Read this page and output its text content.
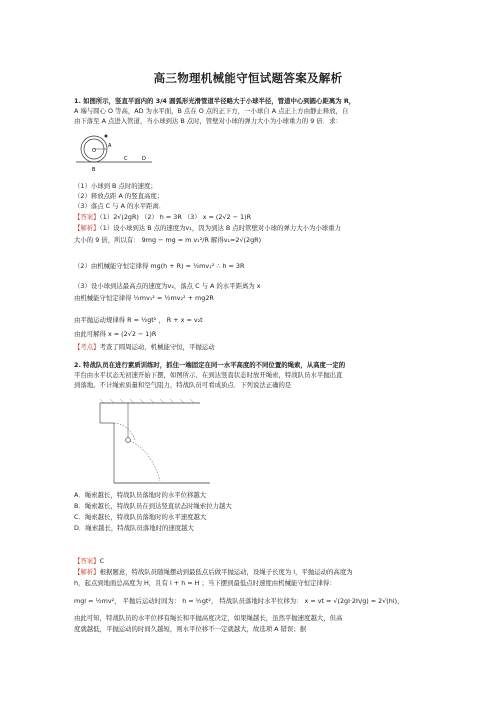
高三物理机械能守恒试题答案及解析
1. 如图所示，竖直平面内的 3/4 圆弧形光滑管道半径略大于小球半径，管道中心到圆心距离为 R，
A 端与圆心 O 等高，AD 为水平面，B 点在 O 点的正下方，一小球自 A 点正上方由静止释放，自
由下落至 A 点进入管道，当小球到达 B 点时，管壁对小球的弹力大小为小球重力的 9 倍．求：
O
A
B
C	D
（1）小球到 B 点时的速度；
（2）释放点距 A 的竖直高度；
（3）落点 C 与 A 的水平距离．
【答案】（1）2√(2gR) （2） h = 3R （3） x = (2√2 − 1)R
【解析】（1）设小球到达 B 点的速度为v₁，因为到达 B 点时管壁对小球的弹力大小为小球重力
大小的 9 倍，所以有： 9mg − mg = m v₁²/R 解得v₁=2√(2gR)
（2）由机械能守恒定律得 mg(h + R) = ½mv₁² ∴ h = 3R
（3）设小球到达最高点的速度为v₂，落点 C 与 A 的水平距离为 x
由机械能守恒定律得 ½mv₁² = ½mv₂² + mg2R
由平抛运动规律得 R = ½gt² ， R + x = v₂t
由此可解得 x = (2√2 − 1)R
【考点】考查了圆周运动，机械能守恒，平抛运动
2. 特战队员在进行素质训练时，抓住一端固定在同一水平高度的不同位置的绳索，从高度一定的
平台由水平状态无初速开始下摆，如图所示，在到达竖直状态时放开绳索，特战队员水平抛出直
到落地。不计绳索质量和空气阻力，特战队员可看成质点．下列说法正确的是
A．绳索越长，特战队员落地时的水平位移越大
B．绳索越长，特战队员在到达竖直状态时绳索拉力越大
C．绳索越长，特战队员落地时的水平速度越大
D．绳索越长，特战队员落地时的速度越大
【答案】C
【解析】根据题意，特战队员随绳摆动到最低点后做平抛运动，设绳子长度为 l，平抛运动的高度为
h，起点到地面总高度为 H，且有 l + h = H ；当下摆到最低点时速度由机械能守恒定律得：
mgl = ½mv²， 平抛后运动时间为： h = ½gt²， 特战队员落地时水平位移为： x = vt = √(2gl·2h/g) = 2√(hl)，
由此可知，特战队员的水平位移有绳长和平抛高度决定，如果绳越长，虽然平抛速度越大，但高
度就越低，平抛运动的时间久越短，则水平位移不一定就越大，故选项 A 错误；据
